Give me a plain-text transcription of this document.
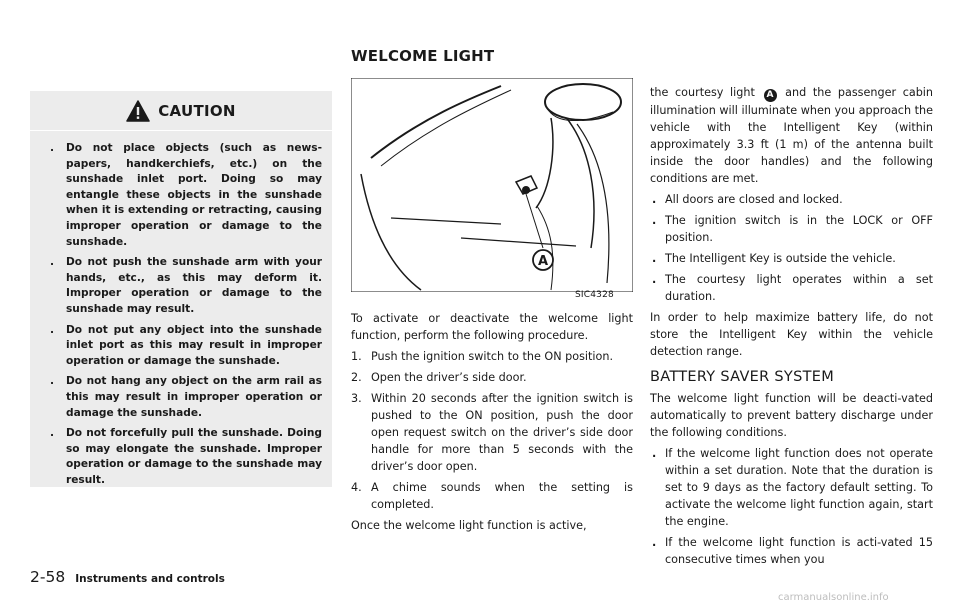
WELCOME LIGHT
CAUTION
. Do not place objects (such as news-papers, handkerchiefs, etc.) on the sunshade inlet port. Doing so may entangle these objects in the sunshade when it is extending or retracting, causing improper operation or damage to the sunshade.
. Do not push the sunshade arm with your hands, etc., as this may deform it. Improper operation or damage to the sunshade may result.
. Do not put any object into the sunshade inlet port as this may result in improper operation or damage the sunshade.
. Do not hang any object on the arm rail as this may result in improper operation or damage the sunshade.
. Do not forcefully pull the sunshade. Doing so may elongate the sunshade. Improper operation or damage to the sunshade may result.
A
SIC4328

To activate or deactivate the welcome light function, perform the following procedure.

1. Push the ignition switch to the ON position.
2. Open the driver’s side door.
3. Within 20 seconds after the ignition switch is pushed to the ON position, push the door open request switch on the driver’s side door handle for more than 5 seconds with the driver’s door open.
4. A chime sounds when the setting is completed.

Once the welcome light function is active,

the courtesy light A and the passenger cabin illumination will illuminate when you approach the vehicle with the Intelligent Key (within approximately 3.3 ft (1 m) of the antenna built inside the door handles) and the following conditions are met.

. All doors are closed and locked.
. The ignition switch is in the LOCK or OFF position.
. The Intelligent Key is outside the vehicle.
. The courtesy light operates within a set duration.

In order to help maximize battery life, do not store the Intelligent Key within the vehicle detection range.

BATTERY SAVER SYSTEM

The welcome light function will be deacti-vated automatically to prevent battery discharge under the following conditions.

. If the welcome light function does not operate within a set duration. Note that the duration is set to 9 days as the factory default setting. To activate the welcome light function again, start the engine.
. If the welcome light function is acti-vated 15 consecutive times when you
2-58 Instruments and controls
carmanualsonline.info
